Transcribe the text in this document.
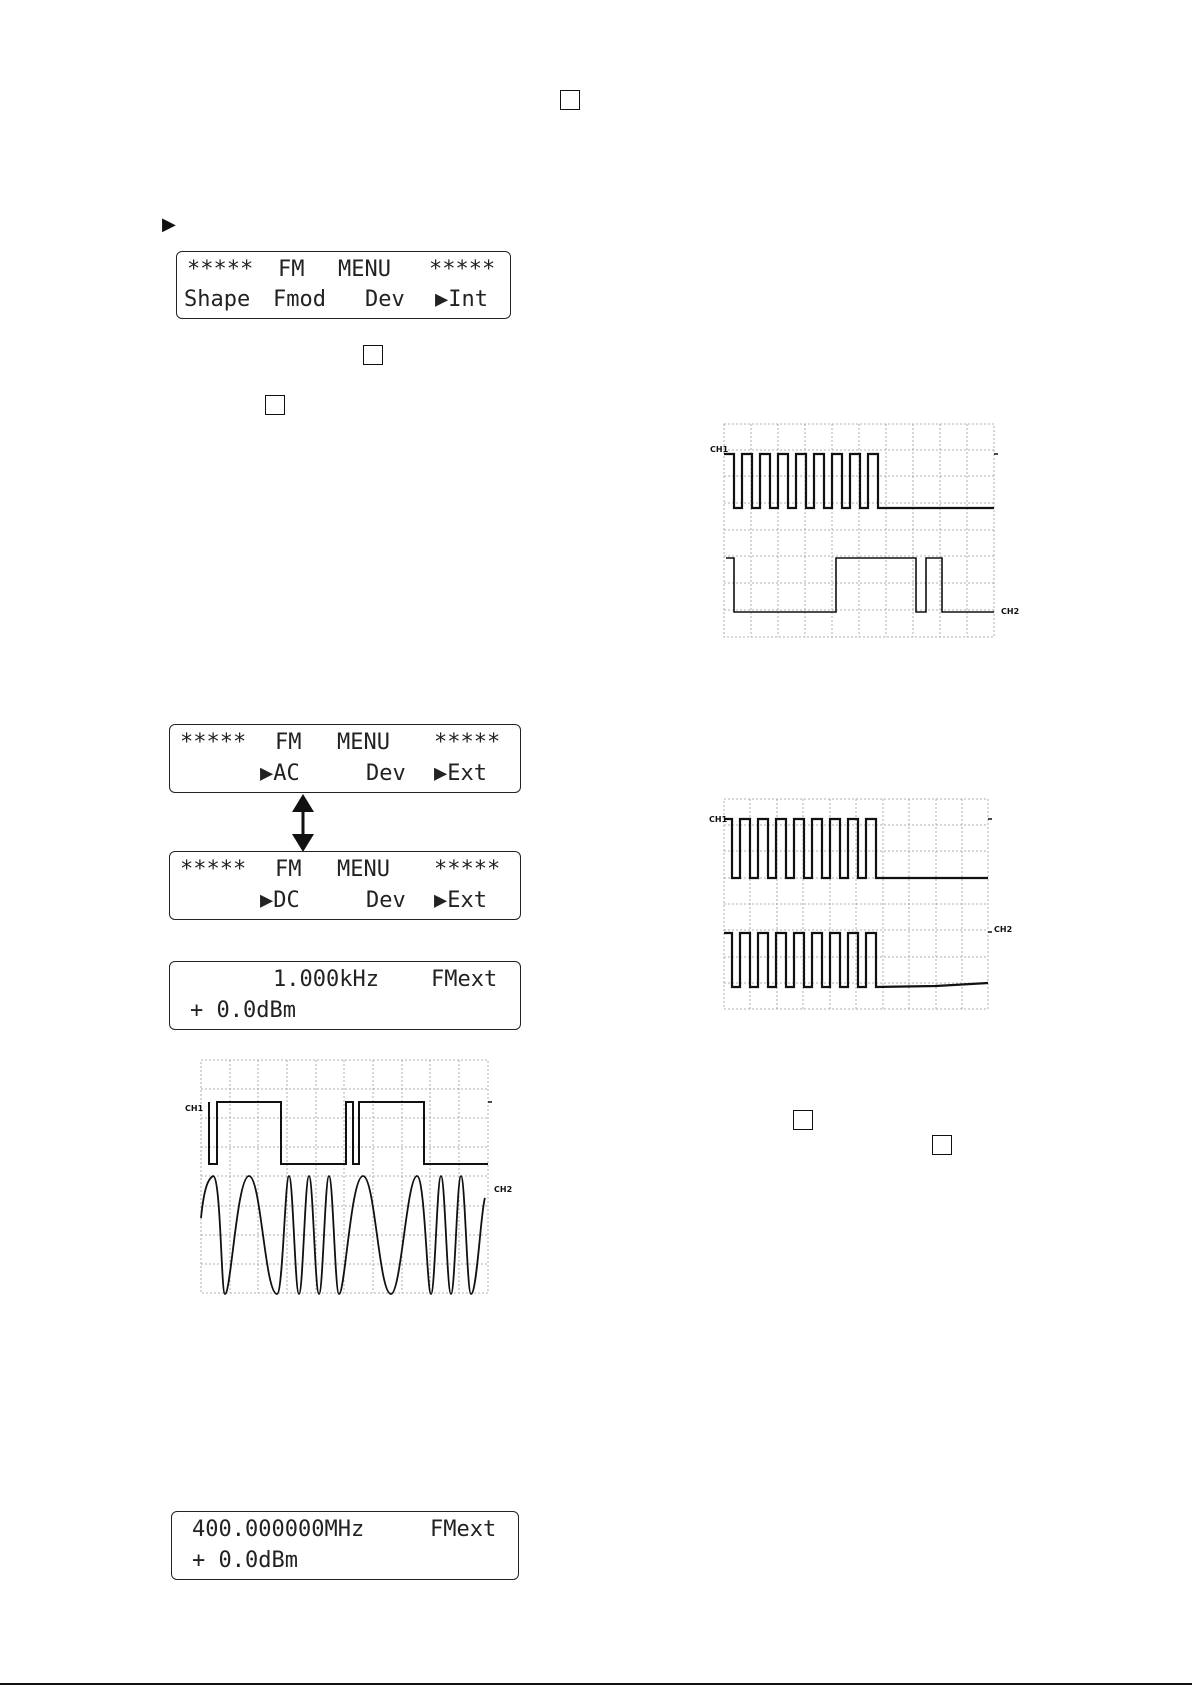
▶

*****

FM

MENU

*****

Shape

Fmod

Dev

▶Int

*****

FM

MENU

*****

▶AC

	Dev

▶Ext

*****

FM

MENU

*****

▶DC

	Dev

▶Ext

1.000kHz

FMext

+ 0.0dBm

400.000000MHz

	FMext

+ 0.0dBm

CH1
CH2
CH1
CH2
CH1
CH2
